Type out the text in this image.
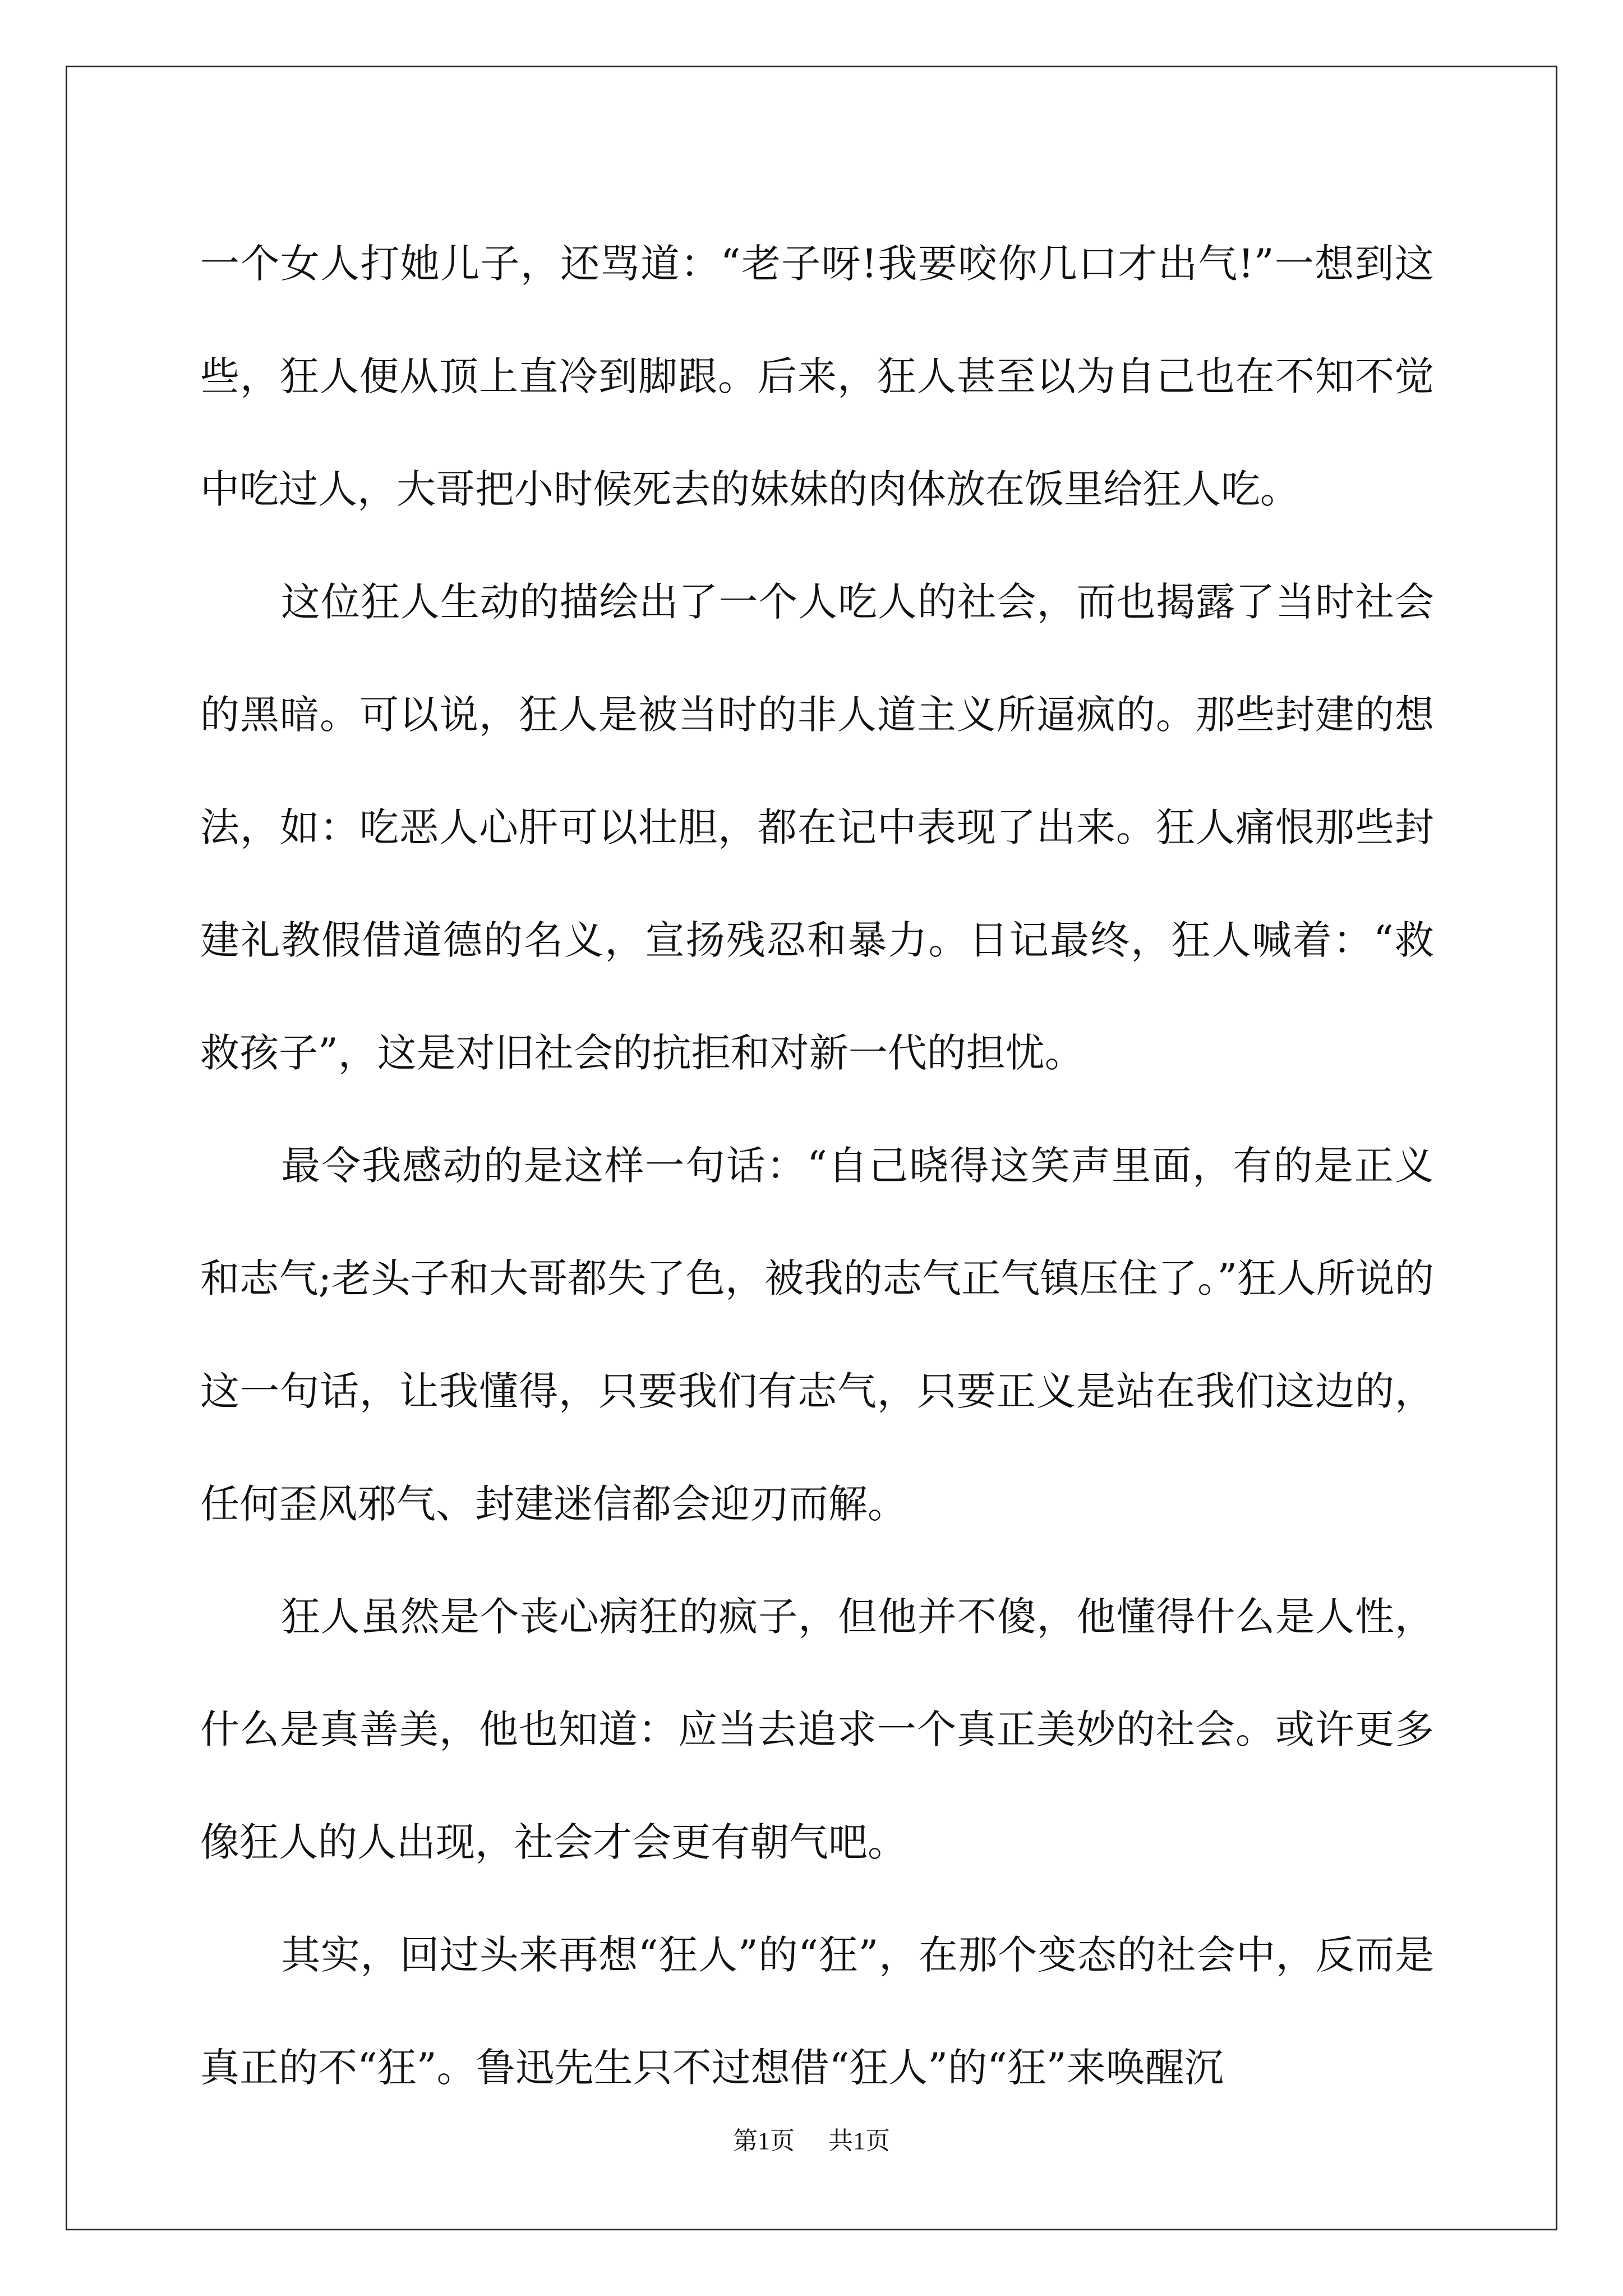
一个女人打她儿子，还骂道：“老子呀!我要咬你几口才出气!”一想到这些，狂人便从顶上直冷到脚跟。后来，狂人甚至以为自己也在不知不觉中吃过人，大哥把小时候死去的妹妹的肉体放在饭里给狂人吃。

这位狂人生动的描绘出了一个人吃人的社会，而也揭露了当时社会的黑暗。可以说，狂人是被当时的非人道主义所逼疯的。那些封建的想法，如：吃恶人心肝可以壮胆，都在记中表现了出来。狂人痛恨那些封建礼教假借道德的名义，宣扬残忍和暴力。日记最终，狂人喊着：“救救孩子”，这是对旧社会的抗拒和对新一代的担忧。

最令我感动的是这样一句话：“自己晓得这笑声里面，有的是正义和志气;老头子和大哥都失了色，被我的志气正气镇压住了。”狂人所说的这一句话，让我懂得，只要我们有志气，只要正义是站在我们这边的，任何歪风邪气、封建迷信都会迎刃而解。

狂人虽然是个丧心病狂的疯子，但他并不傻，他懂得什么是人性，什么是真善美，他也知道：应当去追求一个真正美妙的社会。或许更多像狂人的人出现，社会才会更有朝气吧。

其实，回过头来再想“狂人”的“狂”，在那个变态的社会中，反而是真正的不“狂”。鲁迅先生只不过想借“狂人”的“狂”来唤醒沉

第1页 共1页
